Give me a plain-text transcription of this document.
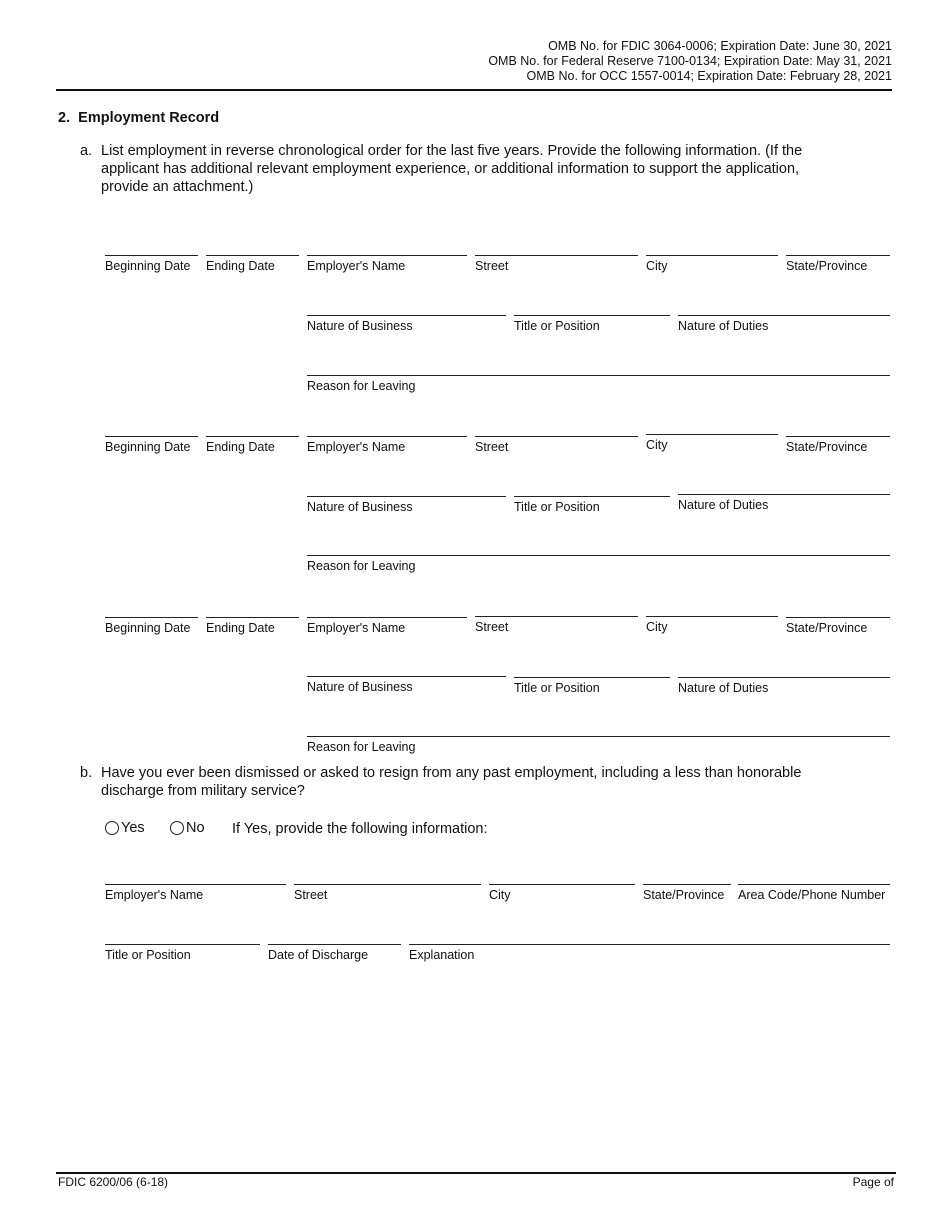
OMB No. for FDIC 3064-0006; Expiration Date: June 30, 2021
OMB No. for Federal Reserve 7100-0134; Expiration Date: May 31, 2021
OMB No. for OCC 1557-0014; Expiration Date: February 28, 2021
2. Employment Record
a. List employment in reverse chronological order for the last five years. Provide the following information. (If the
applicant has additional relevant employment experience, or additional information to support the application,
provide an attachment.)
Beginning Date	Ending Date	Employer's Name	Street	City	State/Province
Nature of Business	Title or Position	Nature of Duties
Reason for Leaving
Beginning Date	Ending Date	Employer's Name	Street	City	State/Province
Nature of Business	Title or Position	Nature of Duties
Reason for Leaving
Beginning Date	Ending Date	Employer's Name	Street	City	State/Province
Nature of Business	Title or Position	Nature of Duties
Reason for Leaving
b. Have you ever been dismissed or asked to resign from any past employment, including a less than honorable
discharge from military service?
Yes	No If Yes, provide the following information:
Employer's Name	Street	City	State/Province	Area Code/Phone Number
Title or Position	Date of Discharge	Explanation
FDIC 6200/06 (6-18)	Page of
